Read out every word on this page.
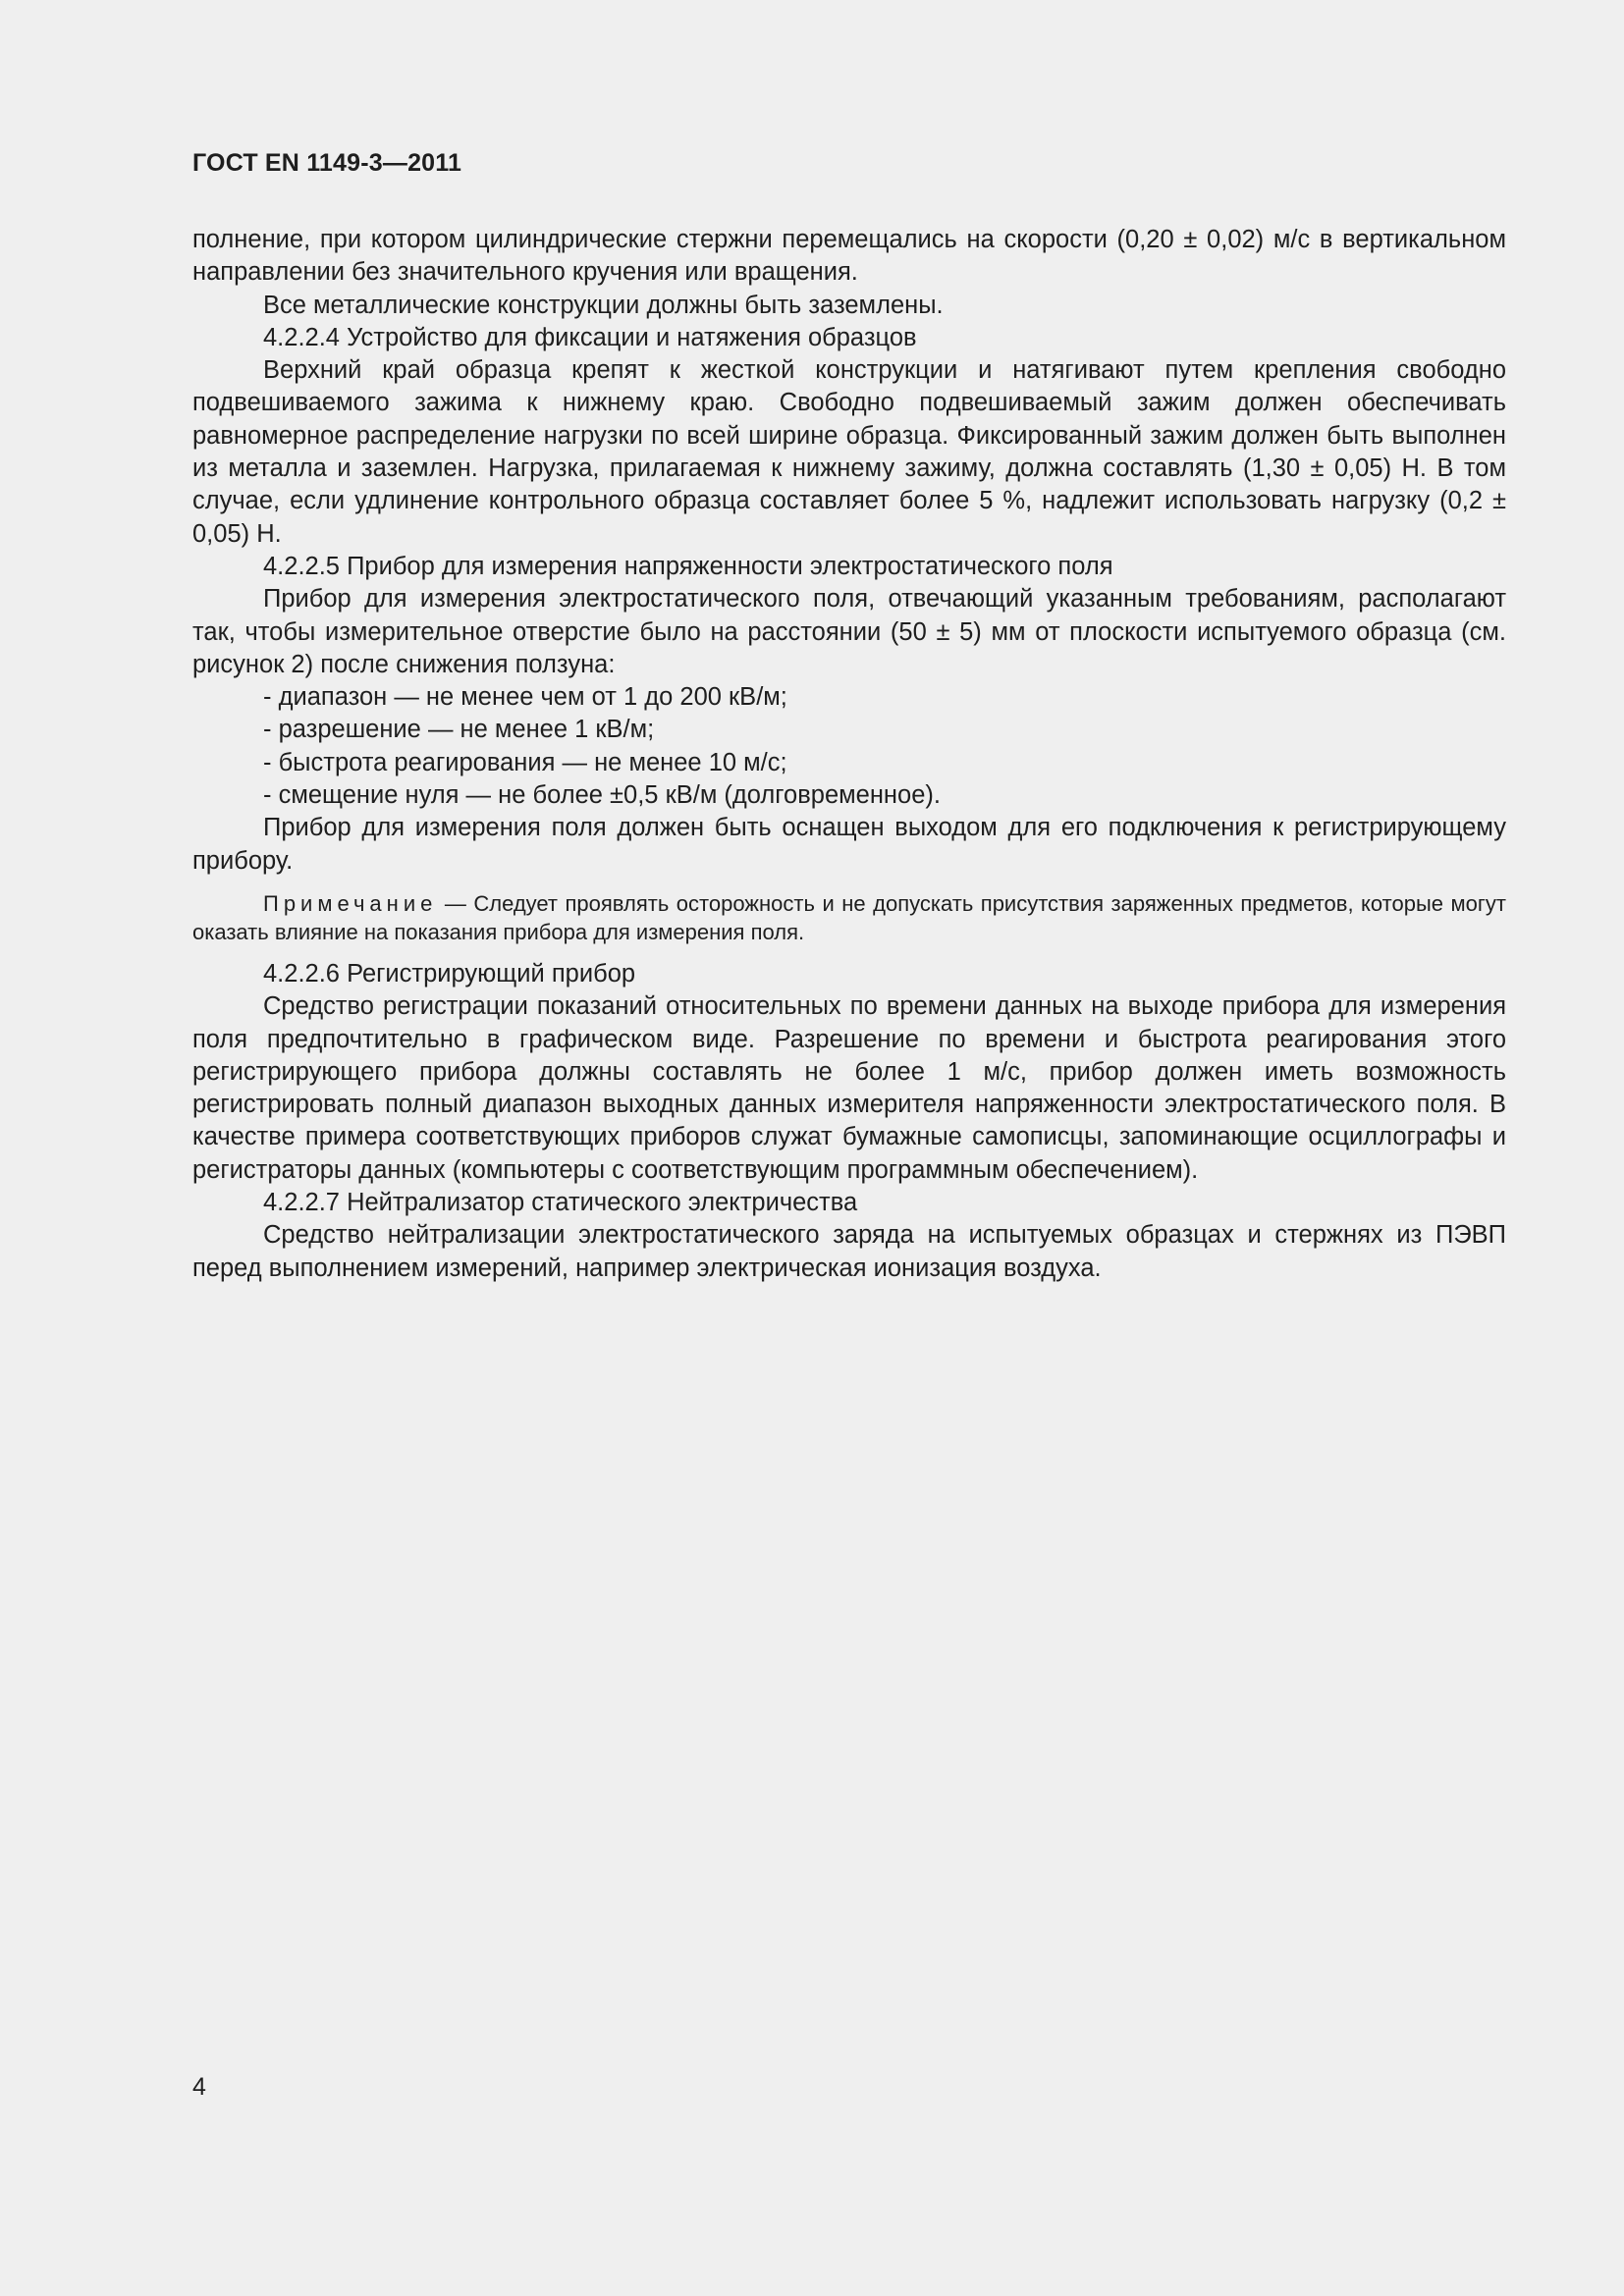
ГОСТ EN 1149-3—2011

полнение, при котором цилиндрические стержни перемещались на скорости (0,20 ± 0,02) м/с в вертикальном направлении без значительного кручения или вращения.

Все металлические конструкции должны быть заземлены.

4.2.2.4 Устройство для фиксации и натяжения образцов

Верхний край образца крепят к жесткой конструкции и натягивают путем крепления свободно подвешиваемого зажима к нижнему краю. Свободно подвешиваемый зажим должен обеспечивать равномерное распределение нагрузки по всей ширине образца. Фиксированный зажим должен быть выполнен из металла и заземлен. Нагрузка, прилагаемая к нижнему зажиму, должна составлять (1,30 ± 0,05) Н. В том случае, если удлинение контрольного образца составляет более 5 %, надлежит использовать нагрузку (0,2 ± 0,05) Н.

4.2.2.5 Прибор для измерения напряженности электростатического поля

Прибор для измерения электростатического поля, отвечающий указанным требованиям, располагают так, чтобы измерительное отверстие было на расстоянии (50 ± 5) мм от плоскости испытуемого образца (см. рисунок 2) после снижения ползуна:

- диапазон — не менее чем от 1 до 200 кВ/м;

- разрешение — не менее 1 кВ/м;

- быстрота реагирования — не менее 10 м/с;

- смещение нуля — не более ±0,5 кВ/м (долговременное).

Прибор для измерения поля должен быть оснащен выходом для его подключения к регистрирующему прибору.

Примечание — Следует проявлять осторожность и не допускать присутствия заряженных предметов, которые могут оказать влияние на показания прибора для измерения поля.

4.2.2.6 Регистрирующий прибор

Средство регистрации показаний относительных по времени данных на выходе прибора для измерения поля предпочтительно в графическом виде. Разрешение по времени и быстрота реагирования этого регистрирующего прибора должны составлять не более 1 м/с, прибор должен иметь возможность регистрировать полный диапазон выходных данных измерителя напряженности электростатического поля. В качестве примера соответствующих приборов служат бумажные самописцы, запоминающие осциллографы и регистраторы данных (компьютеры с соответствующим программным обеспечением).

4.2.2.7 Нейтрализатор статического электричества

Средство нейтрализации электростатического заряда на испытуемых образцах и стержнях из ПЭВП перед выполнением измерений, например электрическая ионизация воздуха.

4
